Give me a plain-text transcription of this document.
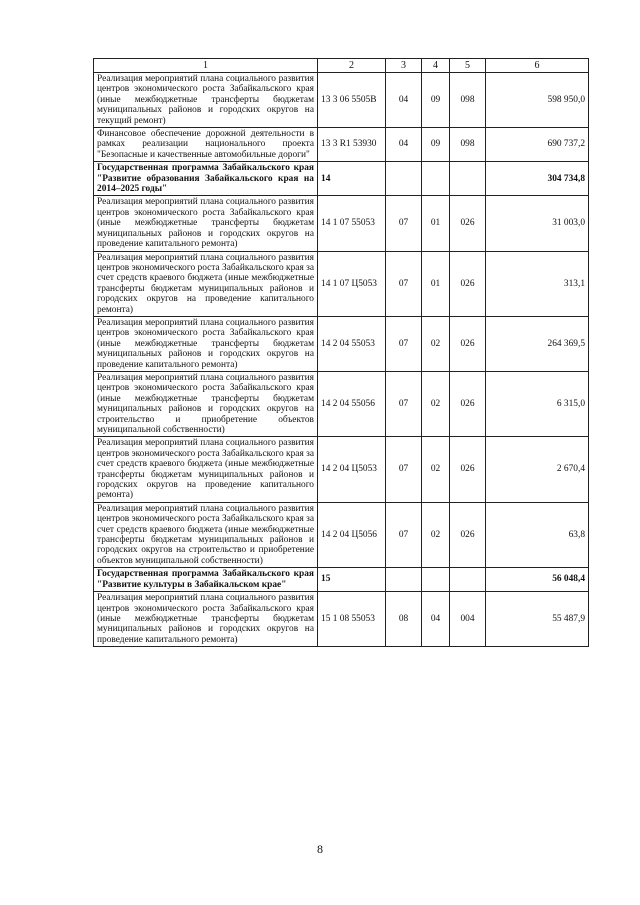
1	2	3	4	5	6
Реализация мероприятий плана социального развития центров экономического роста Забайкальского края (иные межбюджетные трансферты бюджетам муниципальных районов и городских округов на текущий ремонт)	13 3 06 5505В	04	09	098	598 950,0
Финансовое обеспечение дорожной деятельности в рамках реализации национального проекта "Безопасные и качественные автомобильные дороги"	13 3 R1 53930	04	09	098	690 737,2
Государственная программа Забайкальского края "Развитие образования Забайкальского края на 2014–2025 годы"	14				304 734,8
Реализация мероприятий плана социального развития центров экономического роста Забайкальского края (иные межбюджетные трансферты бюджетам муниципальных районов и городских округов на проведение капитального ремонта)	14 1 07 55053	07	01	026	31 003,0
Реализация мероприятий плана социального развития центров экономического роста Забайкальского края за счет средств краевого бюджета (иные межбюджетные трансферты бюджетам муниципальных районов и городских округов на проведение капитального ремонта)	14 1 07 Ц5053	07	01	026	313,1
Реализация мероприятий плана социального развития центров экономического роста Забайкальского края (иные межбюджетные трансферты бюджетам муниципальных районов и городских округов на проведение капитального ремонта)	14 2 04 55053	07	02	026	264 369,5
Реализация мероприятий плана социального развития центров экономического роста Забайкальского края (иные межбюджетные трансферты бюджетам муниципальных районов и городских округов на строительство и приобретение объектов муниципальной собственности)	14 2 04 55056	07	02	026	6 315,0
Реализация мероприятий плана социального развития центров экономического роста Забайкальского края за счет средств краевого бюджета (иные межбюджетные трансферты бюджетам муниципальных районов и городских округов на проведение капитального ремонта)	14 2 04 Ц5053	07	02	026	2 670,4
Реализация мероприятий плана социального развития центров экономического роста Забайкальского края за счет средств краевого бюджета (иные межбюджетные трансферты бюджетам муниципальных районов и городских округов на строительство и приобретение объектов муниципальной собственности)	14 2 04 Ц5056	07	02	026	63,8
Государственная программа Забайкальского края "Развитие культуры в Забайкальском крае"	15				56 048,4
Реализация мероприятий плана социального развития центров экономического роста Забайкальского края (иные межбюджетные трансферты бюджетам муниципальных районов и городских округов на проведение капитального ремонта)	15 1 08 55053	08	04	004	55 487,9
8
